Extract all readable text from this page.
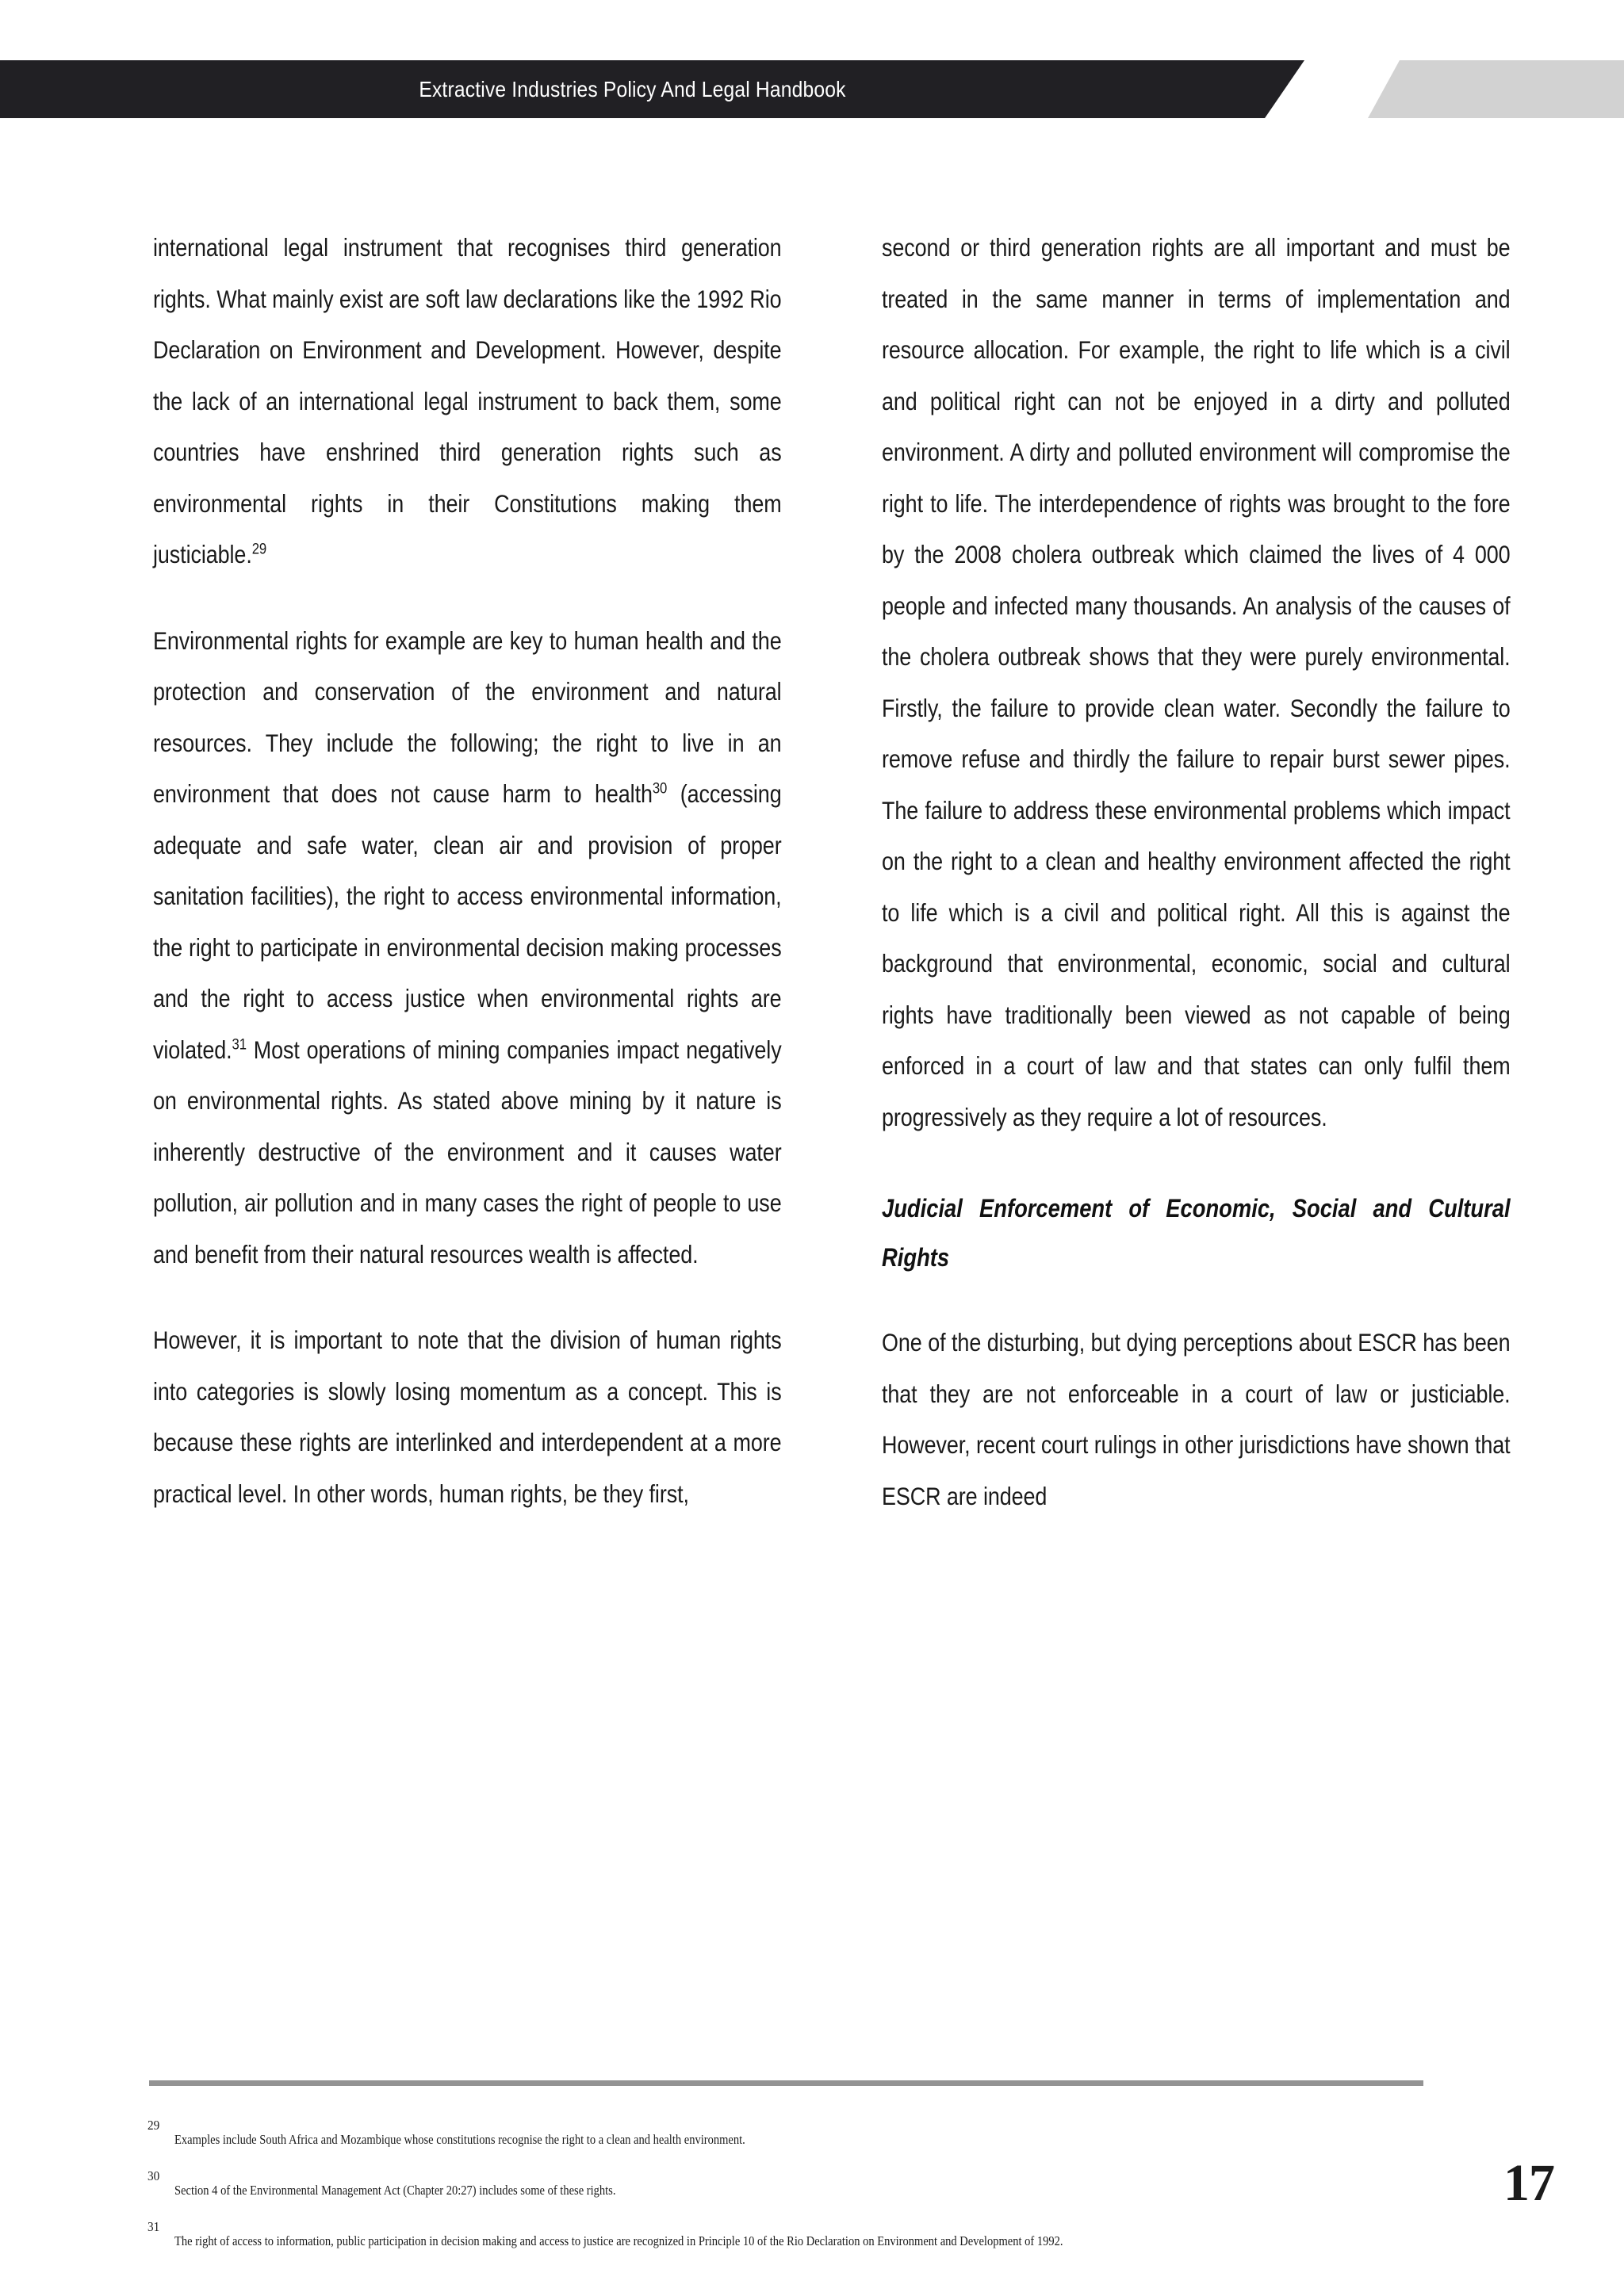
Extractive Industries Policy And Legal Handbook

international legal instrument that recognises third generation rights. What mainly exist are soft law declarations like the 1992 Rio Declaration on Environment and Development. However, despite the lack of an international legal instrument to back them, some countries have enshrined third generation rights such as environmental rights in their Constitutions making them justiciable.$^{29}$

Environmental rights for example are key to human health and the protection and conservation of the environment and natural resources. They include the following; the right to live in an environment that does not cause harm to health$^{30}$ (accessing adequate and safe water, clean air and provision of proper sanitation facilities), the right to access environmental information, the right to participate in environmental decision making processes and the right to access justice when environmental rights are violated.$^{31}$ Most operations of mining companies impact negatively on environmental rights. As stated above mining by it nature is inherently destructive of the environment and it causes water pollution, air pollution and in many cases the right of people to use and benefit from their natural resources wealth is affected.

However, it is important to note that the division of human rights into categories is slowly losing momentum as a concept. This is because these rights are interlinked and interdependent at a more practical level. In other words, human rights, be they first,

second or third generation rights are all important and must be treated in the same manner in terms of implementation and resource allocation. For example, the right to life which is a civil and political right can not be enjoyed in a dirty and polluted environment. A dirty and polluted environment will compromise the right to life. The interdependence of rights was brought to the fore by the 2008 cholera outbreak which claimed the lives of 4 000 people and infected many thousands. An analysis of the causes of the cholera outbreak shows that they were purely environmental. Firstly, the failure to provide clean water. Secondly the failure to remove refuse and thirdly the failure to repair burst sewer pipes. The failure to address these environmental problems which impact on the right to a clean and healthy environment affected the right to life which is a civil and political right. All this is against the background that environmental, economic, social and cultural rights have traditionally been viewed as not capable of being enforced in a court of law and that states can only fulfil them progressively as they require a lot of resources.

Judicial Enforcement of Economic, Social and Cultural Rights

One of the disturbing, but dying perceptions about ESCR has been that they are not enforceable in a court of law or justiciable. However, recent court rulings in other jurisdictions have shown that ESCR are indeed

29
Examples include South Africa and Mozambique whose constitutions recognise the right to a clean and health environment.
30
Section 4 of the Environmental Management Act (Chapter 20:27) includes some of these rights.
31
The right of access to information, public participation in decision making and access to justice are recognized in Principle 10 of the Rio Declaration on Environment and Development of 1992.
17
